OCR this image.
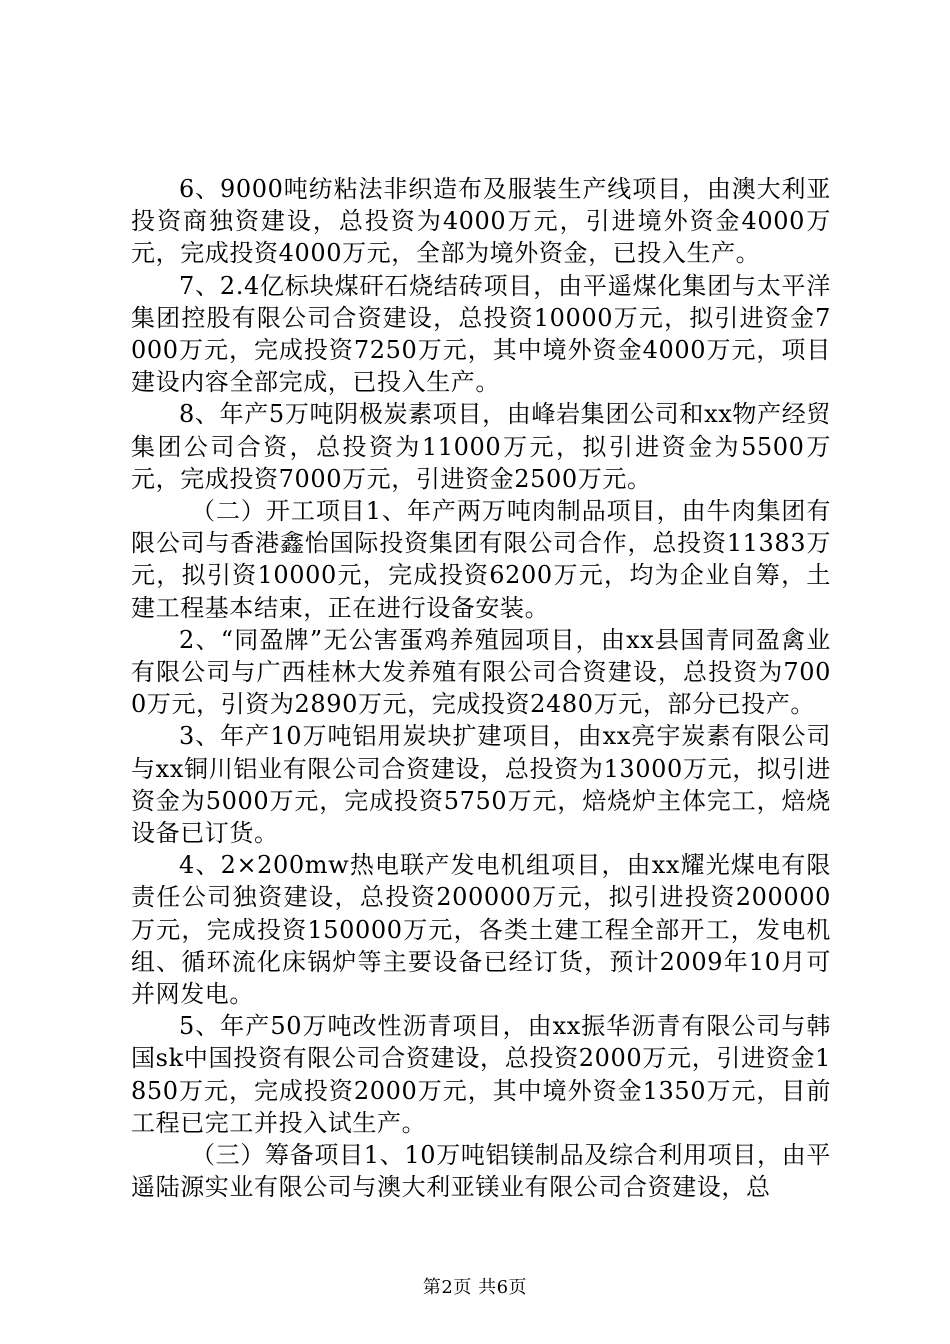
6、9000吨纺粘法非织造布及服装生产线项目，由澳大利亚投资商独资建设，总投资为4000万元，引进境外资金4000万元，完成投资4000万元，全部为境外资金，已投入生产。

7、2.4亿标块煤矸石烧结砖项目，由平遥煤化集团与太平洋集团控股有限公司合资建设，总投资10000万元，拟引进资金7000万元，完成投资7250万元，其中境外资金4000万元，项目建设内容全部完成，已投入生产。

8、年产5万吨阴极炭素项目，由峰岩集团公司和xx物产经贸集团公司合资，总投资为11000万元，拟引进资金为5500万元，完成投资7000万元，引进资金2500万元。

（二）开工项目1、年产两万吨肉制品项目，由牛肉集团有限公司与香港鑫怡国际投资集团有限公司合作，总投资11383万元，拟引资10000元，完成投资6200万元，均为企业自筹，土建工程基本结束，正在进行设备安装。

2、“同盈牌”无公害蛋鸡养殖园项目，由xx县国青同盈禽业有限公司与广西桂林大发养殖有限公司合资建设，总投资为7000万元，引资为2890万元，完成投资2480万元，部分已投产。

3、年产10万吨铝用炭块扩建项目，由xx亮宇炭素有限公司与xx铜川铝业有限公司合资建设，总投资为13000万元，拟引进资金为5000万元，完成投资5750万元，焙烧炉主体完工，焙烧设备已订货。

4、2×200mw热电联产发电机组项目，由xx耀光煤电有限责任公司独资建设，总投资200000万元，拟引进投资200000万元，完成投资150000万元，各类土建工程全部开工，发电机组、循环流化床锅炉等主要设备已经订货，预计2009年10月可并网发电。

5、年产50万吨改性沥青项目，由xx振华沥青有限公司与韩国sk中国投资有限公司合资建设，总投资2000万元，引进资金1850万元，完成投资2000万元，其中境外资金1350万元，目前工程已完工并投入试生产。

（三）筹备项目1、10万吨铝镁制品及综合利用项目，由平遥陆源实业有限公司与澳大利亚镁业有限公司合资建设，总

第2页 共6页
